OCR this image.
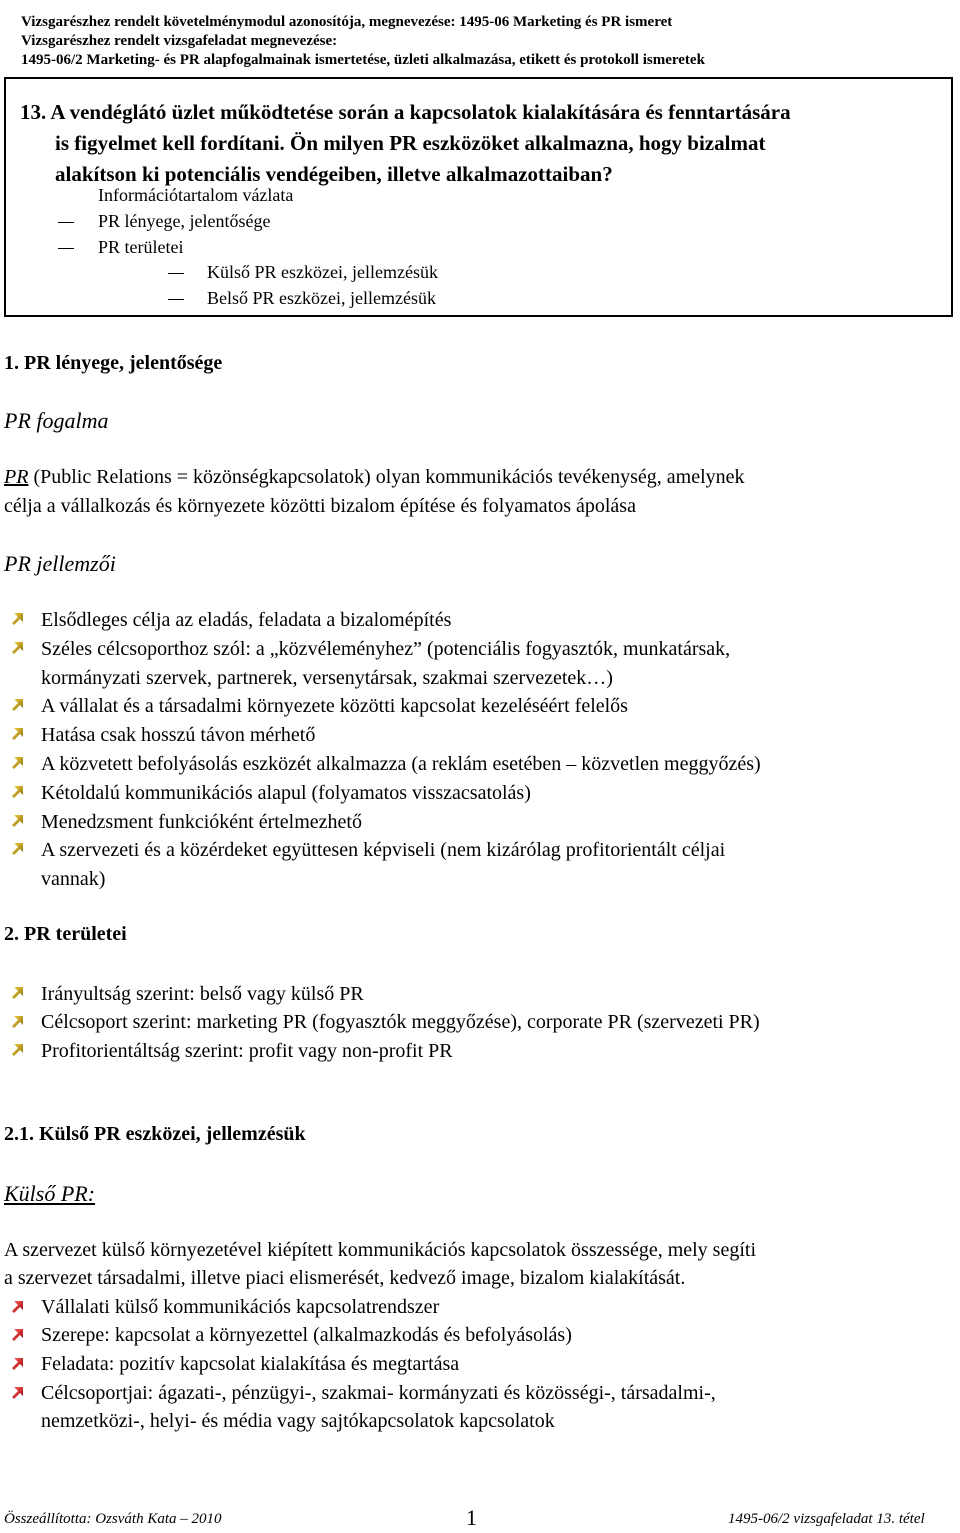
Vizsgarészhez rendelt követelménymodul azonosítója, megnevezése: 1495-06 Marketing és PR ismeret
Vizsgarészhez rendelt vizsgafeladat megnevezése:
1495-06/2 Marketing- és PR alapfogalmainak ismertetése, üzleti alkalmazása, etikett és protokoll ismeretek
13. A vendéglátó üzlet működtetése során a kapcsolatok kialakítására és fenntartására
is figyelmet kell fordítani. Ön milyen PR eszközöket alkalmazna, hogy bizalmat
alakítson ki potenciális vendégeiben, illetve alkalmazottaiban?
Információtartalom vázlata
PR lényege, jelentősége
PR területei
Külső PR eszközei, jellemzésük
Belső PR eszközei, jellemzésük
1. PR lényege, jelentősége
PR fogalma
PR (Public Relations = közönségkapcsolatok) olyan kommunikációs tevékenység, amelynek
célja a vállalkozás és környezete közötti bizalom építése és folyamatos ápolása
PR jellemzői
Elsődleges célja az eladás, feladata a bizalomépítés
Széles célcsoporthoz szól: a „közvéleményhez” (potenciális fogyasztók, munkatársak,
kormányzati szervek, partnerek, versenytársak, szakmai szervezetek…)
A vállalat és a társadalmi környezete közötti kapcsolat kezeléséért felelős
Hatása csak hosszú távon mérhető
A közvetett befolyásolás eszközét alkalmazza (a reklám esetében – közvetlen meggyőzés)
Kétoldalú kommunikációs alapul (folyamatos visszacsatolás)
Menedzsment funkcióként értelmezhető
A szervezeti és a közérdeket együttesen képviseli (nem kizárólag profitorientált céljai
vannak)
2. PR területei
Irányultság szerint: belső vagy külső PR
Célcsoport szerint: marketing PR (fogyasztók meggyőzése), corporate PR (szervezeti PR)
Profitorientáltság szerint: profit vagy non-profit PR
2.1. Külső PR eszközei, jellemzésük
Külső PR:
A szervezet külső környezetével kiépített kommunikációs kapcsolatok összessége, mely segíti
a szervezet társadalmi, illetve piaci elismerését, kedvező image, bizalom kialakítását.
Vállalati külső kommunikációs kapcsolatrendszer
Szerepe: kapcsolat a környezettel (alkalmazkodás és befolyásolás)
Feladata: pozitív kapcsolat kialakítása és megtartása
Célcsoportjai: ágazati-, pénzügyi-, szakmai- kormányzati és közösségi-, társadalmi-,
nemzetközi-, helyi- és média vagy sajtókapcsolatok kapcsolatok
Összeállította: Ozsváth Kata – 2010	1	1495-06/2 vizsgafeladat 13. tétel
